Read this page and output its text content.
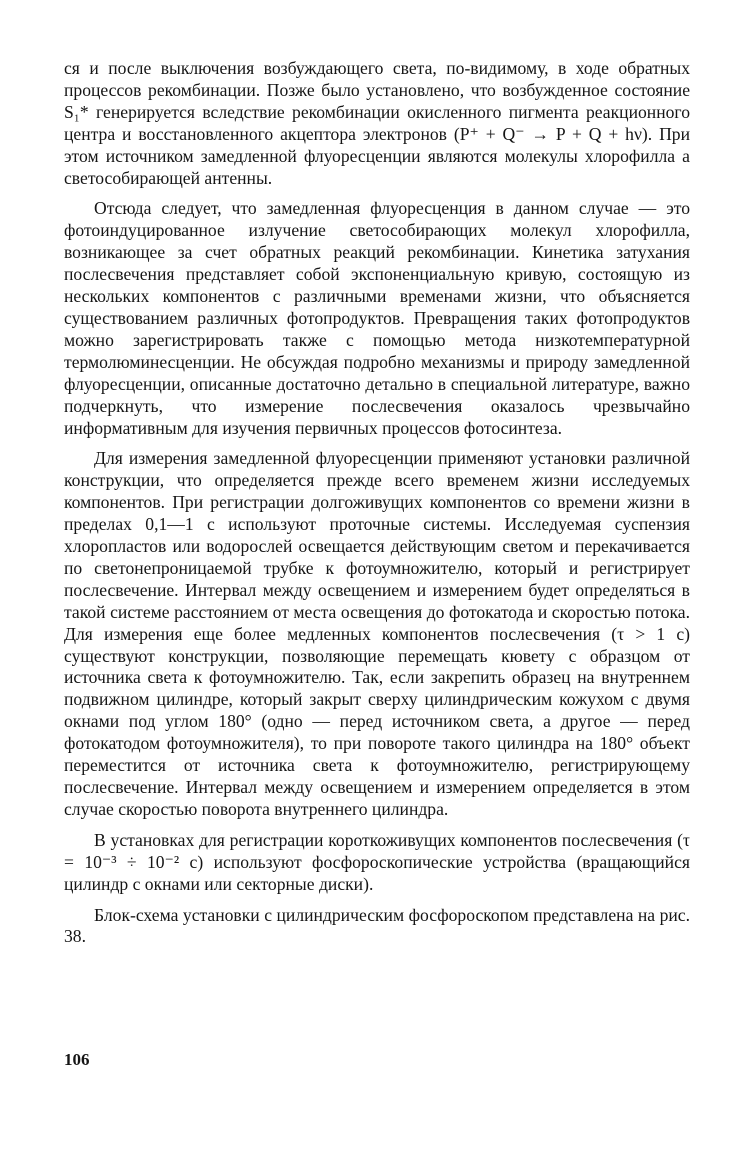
ся и после выключения возбуждающего света, по-видимому, в ходе обратных процессов рекомбинации. Позже было установлено, что возбужденное состояние S₁* генерируется вследствие рекомбинации окисленного пигмента реакционного центра и восстановленного акцептора электронов (P⁺ + Q⁻ → P + Q + hν). При этом источником замедленной флуоресценции являются молекулы хлорофилла a светособирающей антенны.

Отсюда следует, что замедленная флуоресценция в данном случае — это фотоиндуцированное излучение светособирающих молекул хлорофилла, возникающее за счет обратных реакций рекомбинации. Кинетика затухания послесвечения представляет собой экспоненциальную кривую, состоящую из нескольких компонентов с различными временами жизни, что объясняется существованием различных фотопродуктов. Превращения таких фотопродуктов можно зарегистрировать также с помощью метода низкотемпературной термолюминесценции. Не обсуждая подробно механизмы и природу замедленной флуоресценции, описанные достаточно детально в специальной литературе, важно подчеркнуть, что измерение послесвечения оказалось чрезвычайно информативным для изучения первичных процессов фотосинтеза.

Для измерения замедленной флуоресценции применяют установки различной конструкции, что определяется прежде всего временем жизни исследуемых компонентов. При регистрации долгоживущих компонентов со времени жизни в пределах 0,1—1 с используют проточные системы. Исследуемая суспензия хлоропластов или водорослей освещается действующим светом и перекачивается по светонепроницаемой трубке к фотоумножителю, который и регистрирует послесвечение. Интервал между освещением и измерением будет определяться в такой системе расстоянием от места освещения до фотокатода и скоростью потока. Для измерения еще более медленных компонентов послесвечения (τ > 1 с) существуют конструкции, позволяющие перемещать кювету с образцом от источника света к фотоумножителю. Так, если закрепить образец на внутреннем подвижном цилиндре, который закрыт сверху цилиндрическим кожухом с двумя окнами под углом 180° (одно — перед источником света, а другое — перед фотокатодом фотоумножителя), то при повороте такого цилиндра на 180° объект переместится от источника света к фотоумножителю, регистрирующему послесвечение. Интервал между освещением и измерением определяется в этом случае скоростью поворота внутреннего цилиндра.

В установках для регистрации короткоживущих компонентов послесвечения (τ = 10⁻³ ÷ 10⁻² с) используют фосфороскопические устройства (вращающийся цилиндр с окнами или секторные диски).

Блок-схема установки с цилиндрическим фосфороскопом представлена на рис. 38.

106
